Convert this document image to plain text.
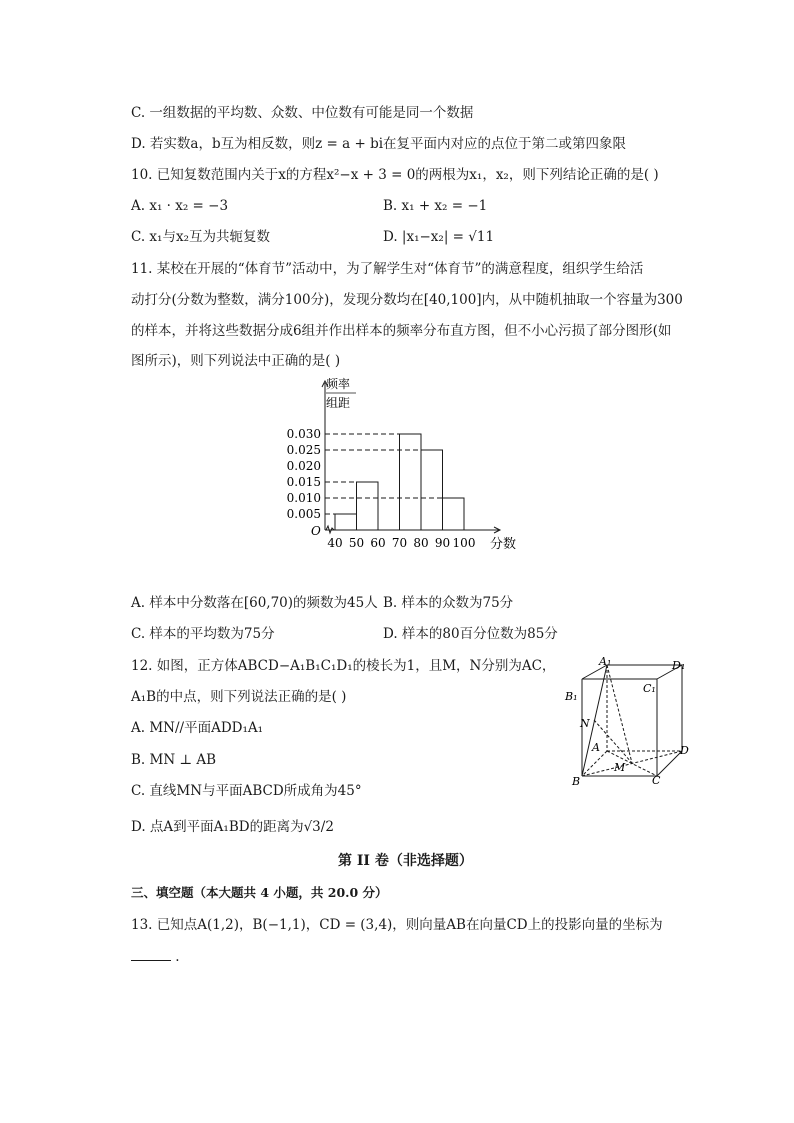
C. 一组数据的平均数、众数、中位数有可能是同一个数据
D. 若实数a，b互为相反数，则z = a + bi在复平面内对应的点位于第二或第四象限
10. 已知复数范围内关于x的方程x²−x + 3 = 0的两根为x₁，x₂，则下列结论正确的是( )
A. x₁ · x₂ = −3	B. x₁ + x₂ = −1
C. x₁与x₂互为共轭复数	D. |x₁−x₂| = √11
11. 某校在开展的“体育节”活动中，为了解学生对“体育节”的满意程度，组织学生给活
动打分(分数为整数，满分100分)，发现分数均在[40,100]内，从中随机抽取一个容量为300
的样本，并将这些数据分成6组并作出样本的频率分布直方图，但不小心污损了部分图形(如
图所示)，则下列说法中正确的是( )
频率
组距
O
40 50 60 70 80 90 100 分数
0.005
0.010
0.015
0.020
0.025
0.030
A. 样本中分数落在[60,70)的频数为45人 B. 样本的众数为75分
C. 样本的平均数为75分	D. 样本的80百分位数为85分
12. 如图，正方体ABCD−A₁B₁C₁D₁的棱长为1，且M，N分别为AC，
A₁B的中点，则下列说法正确的是( )
A. MN//平面ADD₁A₁
B. MN ⊥ AB
C. 直线MN与平面ABCD所成角为45°
D. 点A到平面A₁BD的距离为√3/2
A₁	D₁
B₁
C₁
N
A	D
M
B	C
第 II 卷（非选择题）
三、填空题（本大题共 4 小题，共 20.0 分）
13. 已知点A(1,2)，B(−1,1)，CD = (3,4)，则向量AB在向量CD上的投影向量的坐标为
.
